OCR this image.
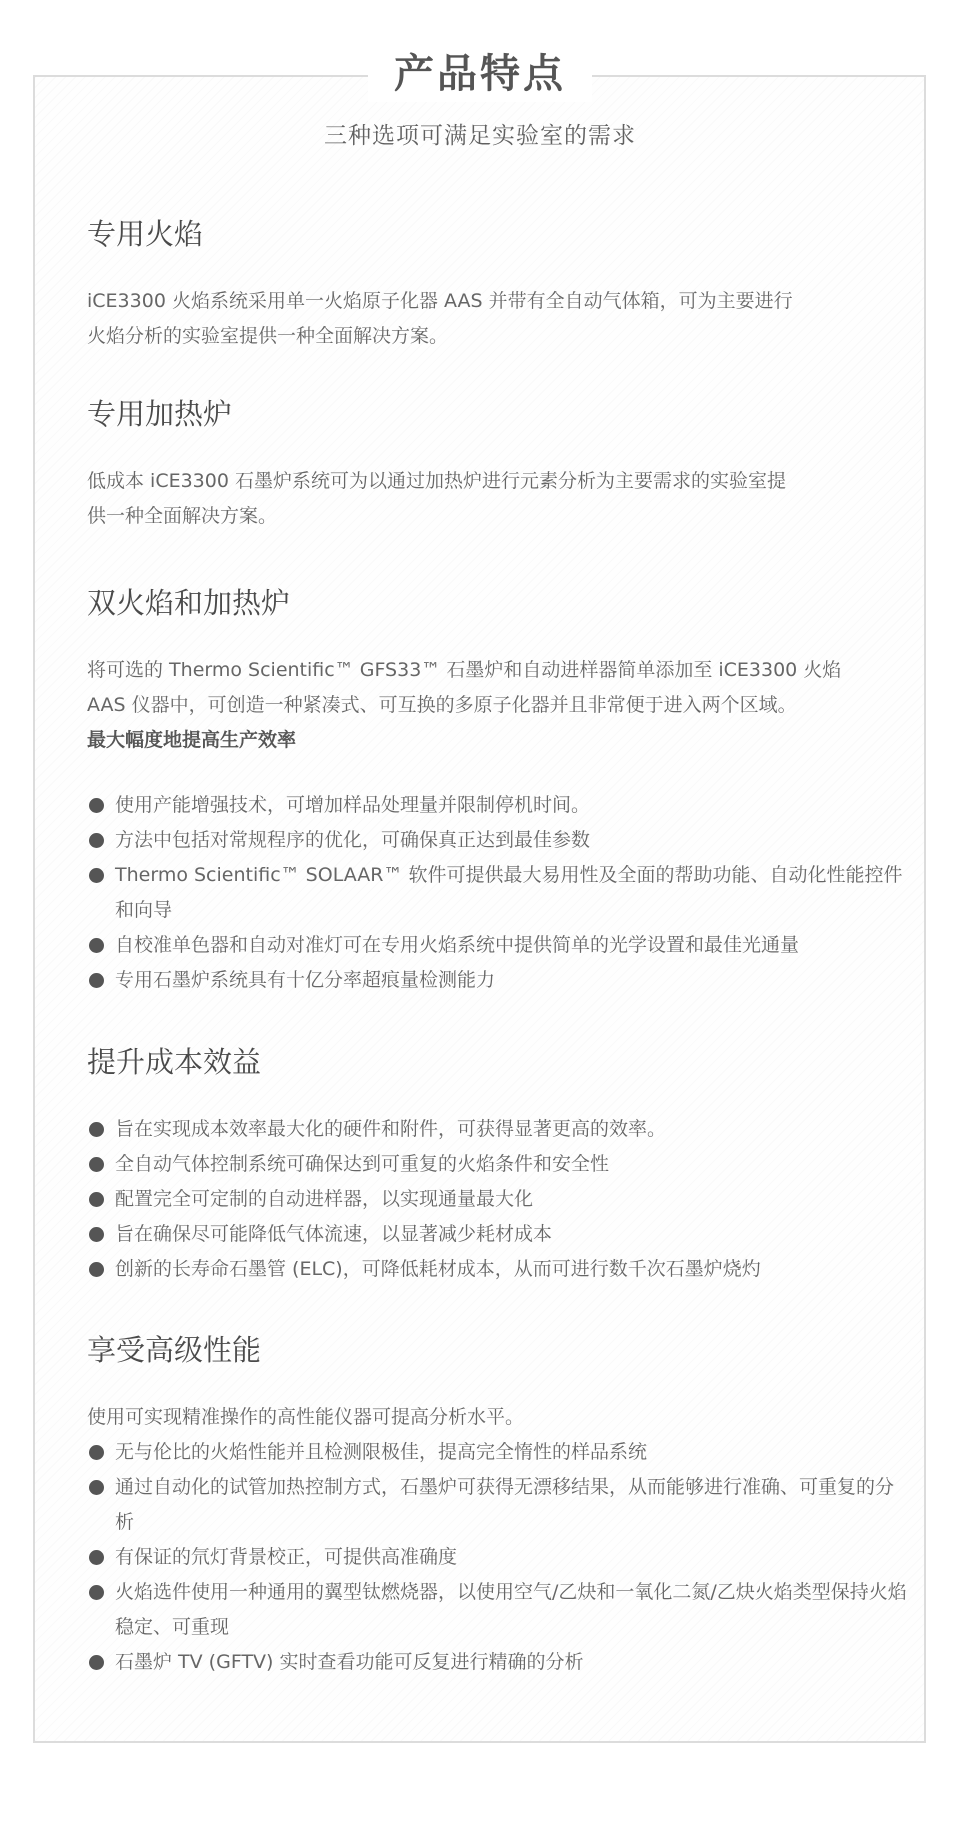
产品特点
三种选项可满足实验室的需求
专用火焰

iCE3300 火焰系统采用单一火焰原子化器 AAS 并带有全自动气体箱，可为主要进行

火焰分析的实验室提供一种全面解决方案。

专用加热炉

低成本 iCE3300 石墨炉系统可为以通过加热炉进行元素分析为主要需求的实验室提

供一种全面解决方案。

双火焰和加热炉

将可选的 Thermo Scientific™ GFS33™ 石墨炉和自动进样器简单添加至 iCE3300 火焰

AAS 仪器中，可创造一种紧凑式、可互换的多原子化器并且非常便于进入两个区域。

最大幅度地提高生产效率

使用产能增强技术，可增加样品处理量并限制停机时间。
方法中包括对常规程序的优化，可确保真正达到最佳参数
Thermo Scientific™ SOLAAR™ 软件可提供最大易用性及全面的帮助功能、自动化性能控件和向导
自校准单色器和自动对准灯可在专用火焰系统中提供简单的光学设置和最佳光通量
专用石墨炉系统具有十亿分率超痕量检测能力
提升成本效益
旨在实现成本效率最大化的硬件和附件，可获得显著更高的效率。
全自动气体控制系统可确保达到可重复的火焰条件和安全性
配置完全可定制的自动进样器，以实现通量最大化
旨在确保尽可能降低气体流速，以显著减少耗材成本
创新的长寿命石墨管 (ELC)，可降低耗材成本，从而可进行数千次石墨炉烧灼
享受高级性能

使用可实现精准操作的高性能仪器可提高分析水平。

无与伦比的火焰性能并且检测限极佳，提高完全惰性的样品系统
通过自动化的试管加热控制方式，石墨炉可获得无漂移结果，从而能够进行准确、可重复的分析
有保证的氘灯背景校正，可提供高准确度
火焰选件使用一种通用的翼型钛燃烧器，以使用空气/乙炔和一氧化二氮/乙炔火焰类型保持火焰稳定、可重现
石墨炉 TV (GFTV) 实时查看功能可反复进行精确的分析
